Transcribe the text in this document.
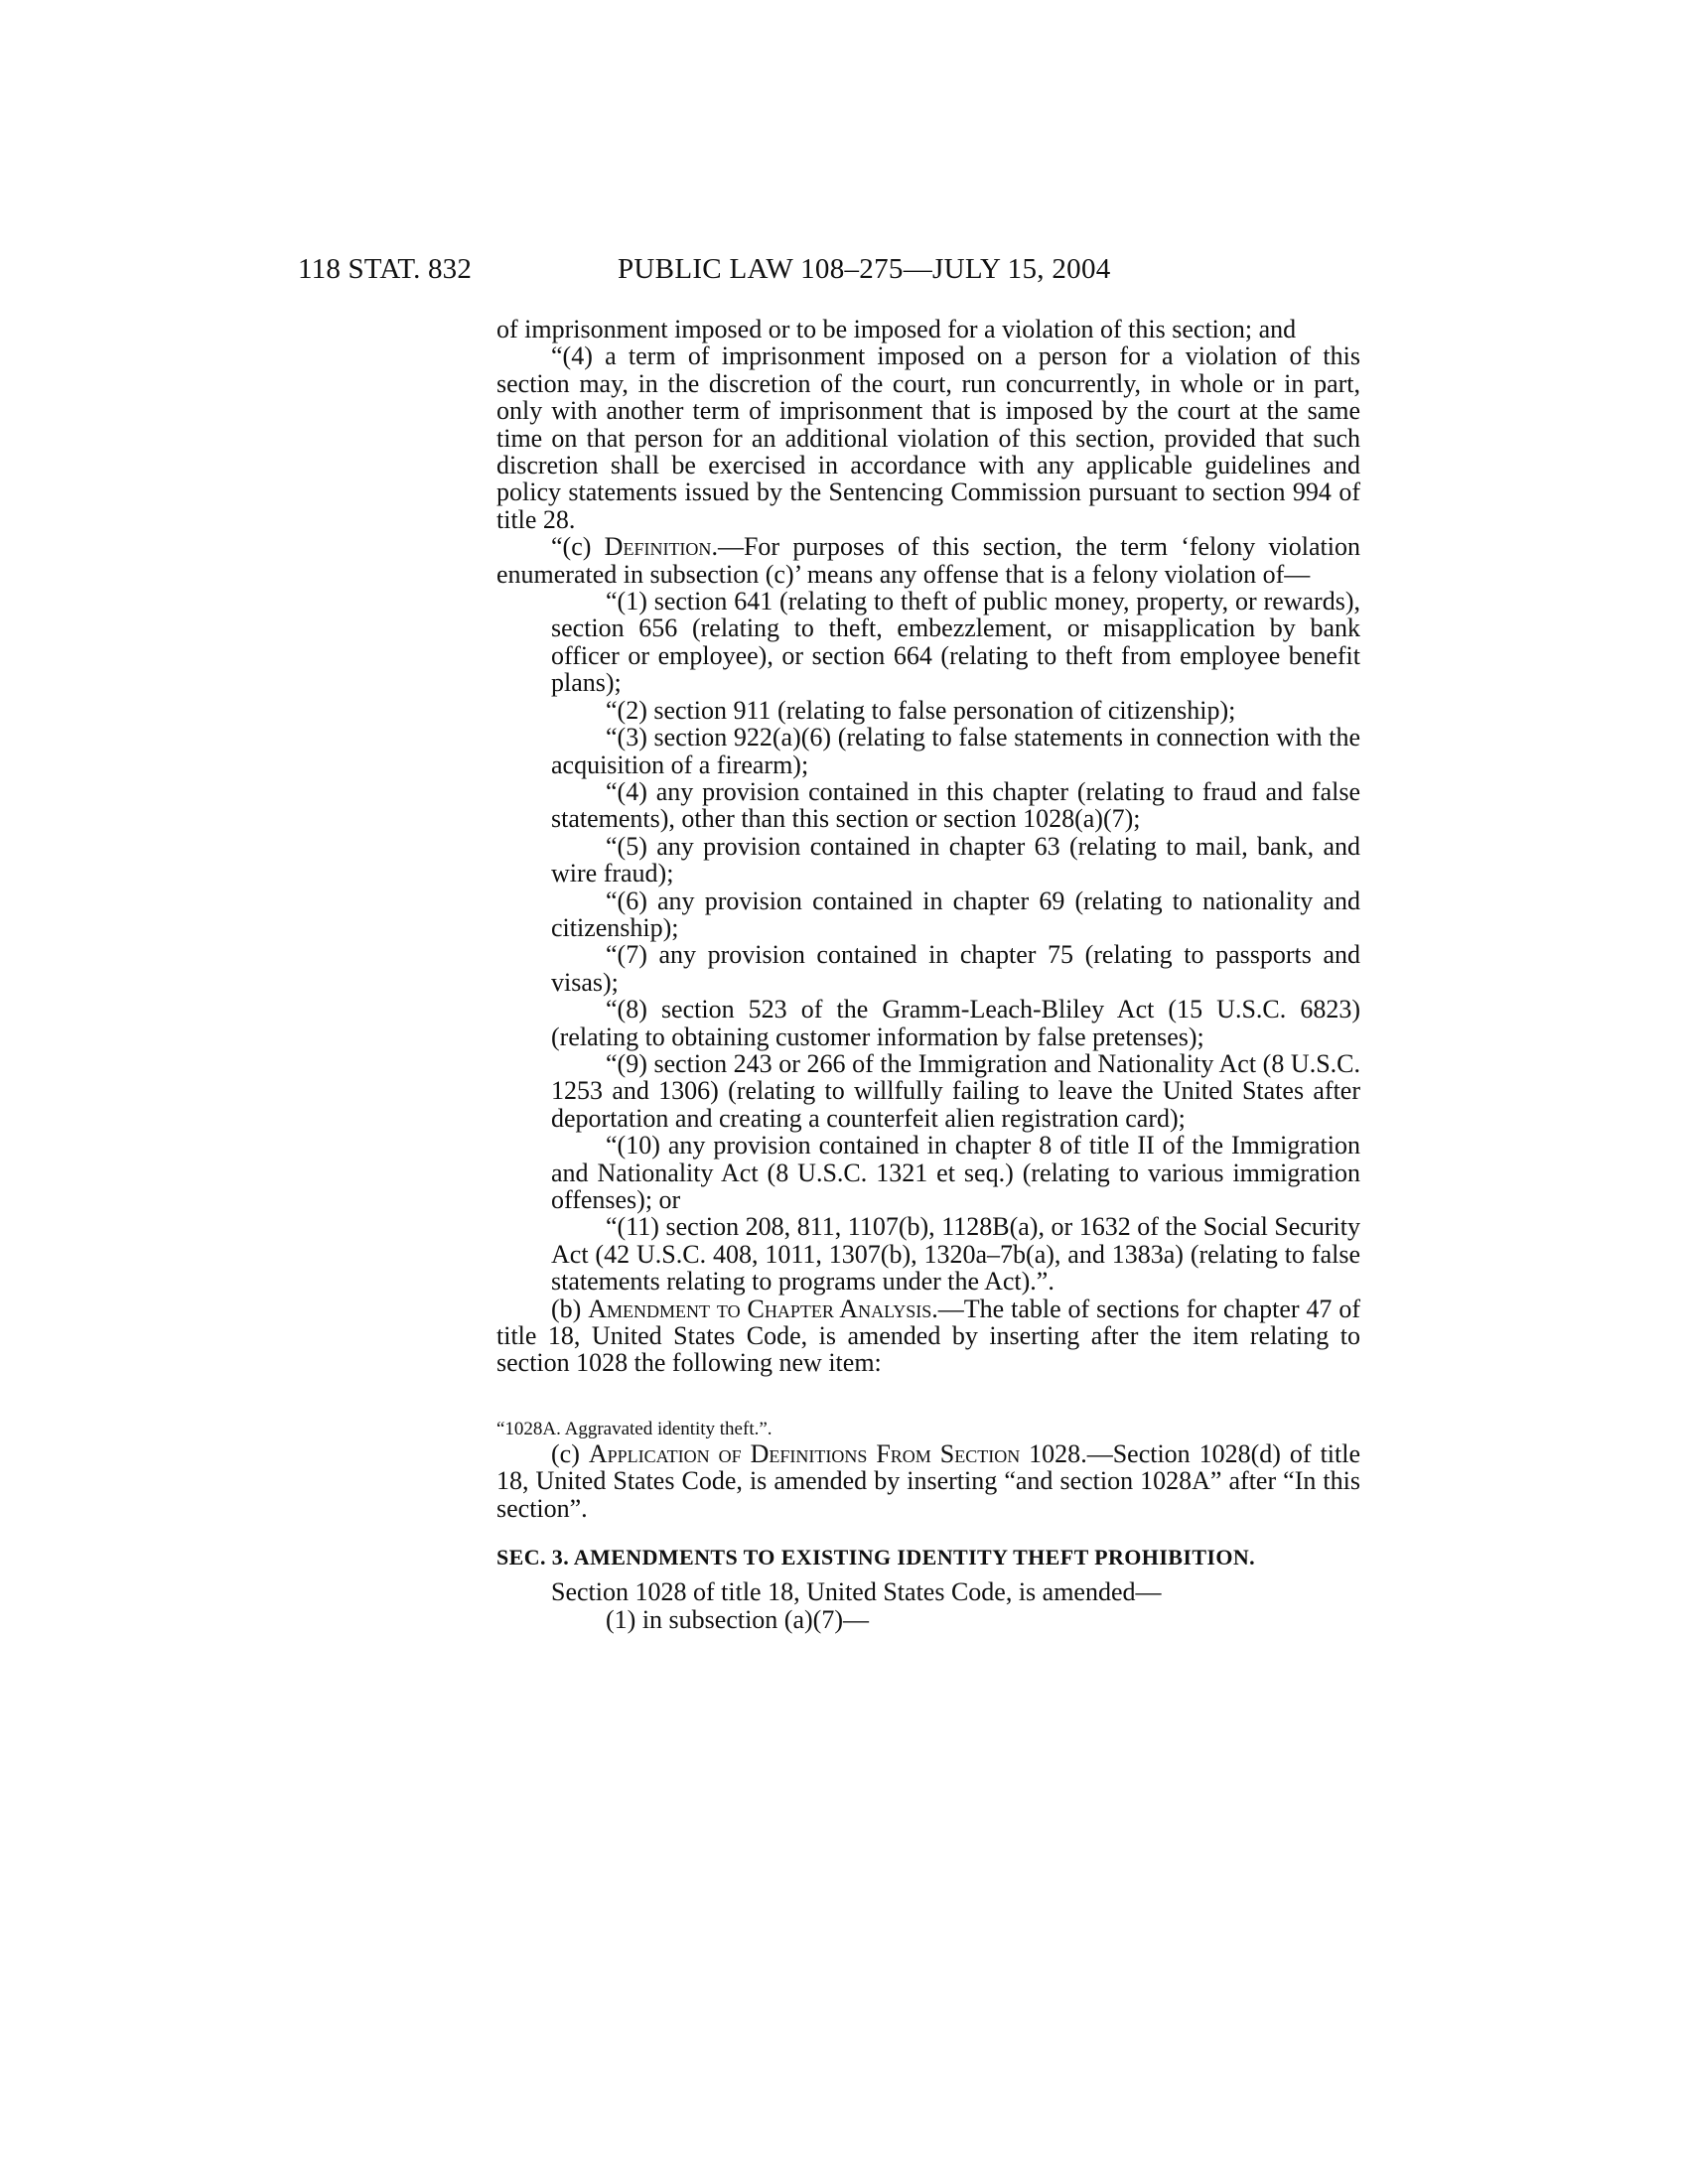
118 STAT. 832	PUBLIC LAW 108–275—JULY 15, 2004

of imprisonment imposed or to be imposed for a violation of this section; and

“(4) a term of imprisonment imposed on a person for a violation of this section may, in the discretion of the court, run concurrently, in whole or in part, only with another term of imprisonment that is imposed by the court at the same time on that person for an additional violation of this section, provided that such discretion shall be exercised in accordance with any applicable guidelines and policy statements issued by the Sentencing Commission pursuant to section 994 of title 28.

“(c) Definition.—For purposes of this section, the term ‘felony violation enumerated in subsection (c)’ means any offense that is a felony violation of—

“(1) section 641 (relating to theft of public money, property, or rewards), section 656 (relating to theft, embezzlement, or misapplication by bank officer or employee), or section 664 (relating to theft from employee benefit plans);

“(2) section 911 (relating to false personation of citizenship);

“(3) section 922(a)(6) (relating to false statements in connection with the acquisition of a firearm);

“(4) any provision contained in this chapter (relating to fraud and false statements), other than this section or section 1028(a)(7);

“(5) any provision contained in chapter 63 (relating to mail, bank, and wire fraud);

“(6) any provision contained in chapter 69 (relating to nationality and citizenship);

“(7) any provision contained in chapter 75 (relating to passports and visas);

“(8) section 523 of the Gramm-Leach-Bliley Act (15 U.S.C. 6823) (relating to obtaining customer information by false pretenses);

“(9) section 243 or 266 of the Immigration and Nationality Act (8 U.S.C. 1253 and 1306) (relating to willfully failing to leave the United States after deportation and creating a counterfeit alien registration card);

“(10) any provision contained in chapter 8 of title II of the Immigration and Nationality Act (8 U.S.C. 1321 et seq.) (relating to various immigration offenses); or

“(11) section 208, 811, 1107(b), 1128B(a), or 1632 of the Social Security Act (42 U.S.C. 408, 1011, 1307(b), 1320a–7b(a), and 1383a) (relating to false statements relating to programs under the Act).”.

(b) Amendment to Chapter Analysis.—The table of sections for chapter 47 of title 18, United States Code, is amended by inserting after the item relating to section 1028 the following new item:

“1028A. Aggravated identity theft.”.

(c) Application of Definitions From Section 1028.—Section 1028(d) of title 18, United States Code, is amended by inserting “and section 1028A” after “In this section”.

SEC. 3. AMENDMENTS TO EXISTING IDENTITY THEFT PROHIBITION.

Section 1028 of title 18, United States Code, is amended—

(1) in subsection (a)(7)—
